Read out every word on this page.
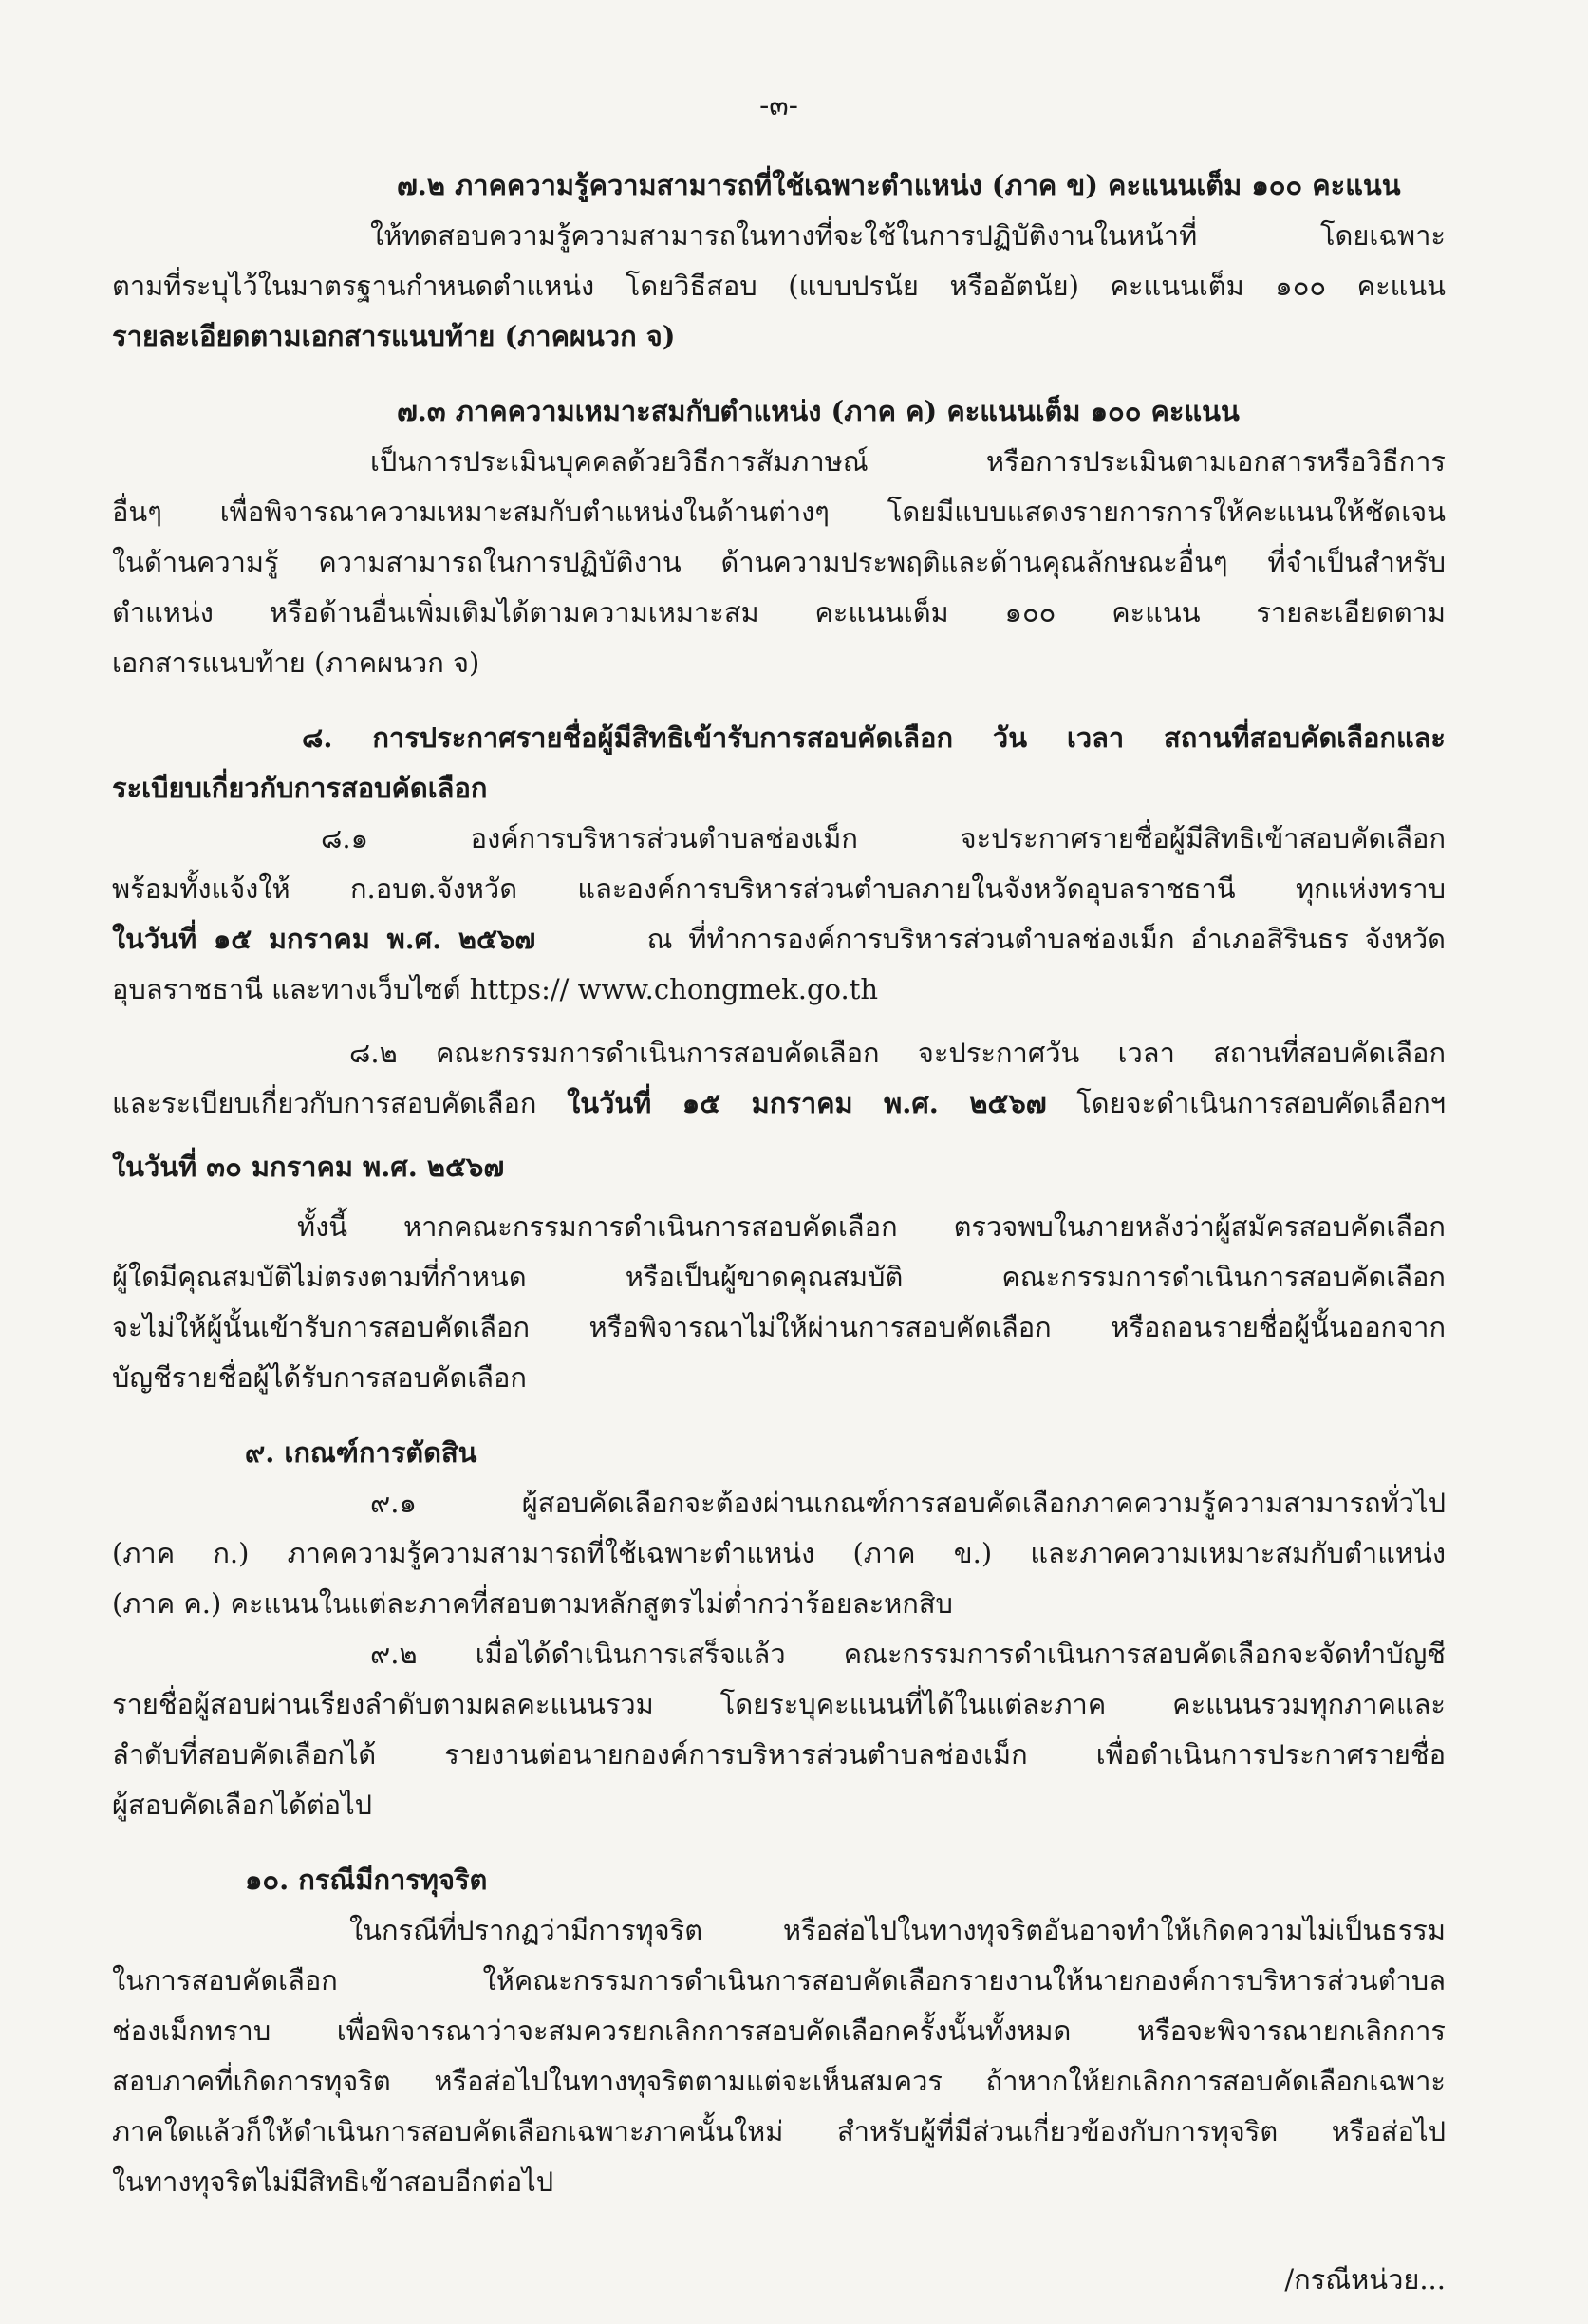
-๓-
๗.๒ ภาคความรู้ความสามารถที่ใช้เฉพาะตำแหน่ง (ภาค ข) คะแนนเต็ม ๑๐๐ คะแนน
ให้ทดสอบความรู้ความสามารถในทางที่จะใช้ในการปฏิบัติงานในหน้าที่ โดยเฉพาะ
ตามที่ระบุไว้ในมาตรฐานกำหนดตำแหน่ง โดยวิธีสอบ (แบบปรนัย หรืออัตนัย) คะแนนเต็ม ๑๐๐ คะแนน
รายละเอียดตามเอกสารแนบท้าย (ภาคผนวก จ)
๗.๓ ภาคความเหมาะสมกับตำแหน่ง (ภาค ค) คะแนนเต็ม ๑๐๐ คะแนน
เป็นการประเมินบุคคลด้วยวิธีการสัมภาษณ์ หรือการประเมินตามเอกสารหรือวิธีการ
อื่นๆ เพื่อพิจารณาความเหมาะสมกับตำแหน่งในด้านต่างๆ โดยมีแบบแสดงรายการการให้คะแนนให้ชัดเจน
ในด้านความรู้ ความสามารถในการปฏิบัติงาน ด้านความประพฤติและด้านคุณลักษณะอื่นๆ ที่จำเป็นสำหรับ
ตำแหน่ง หรือด้านอื่นเพิ่มเติมได้ตามความเหมาะสม คะแนนเต็ม ๑๐๐ คะแนน รายละเอียดตาม
เอกสารแนบท้าย (ภาคผนวก จ)
๘. การประกาศรายชื่อผู้มีสิทธิเข้ารับการสอบคัดเลือก วัน เวลา สถานที่สอบคัดเลือกและ
ระเบียบเกี่ยวกับการสอบคัดเลือก
๘.๑ องค์การบริหารส่วนตำบลช่องเม็ก จะประกาศรายชื่อผู้มีสิทธิเข้าสอบคัดเลือก
พร้อมทั้งแจ้งให้ ก.อบต.จังหวัด และองค์การบริหารส่วนตำบลภายในจังหวัดอุบลราชธานี ทุกแห่งทราบ
ในวันที่ ๑๕ มกราคม พ.ศ. ๒๕๖๗	ณ ที่ทำการองค์การบริหารส่วนตำบลช่องเม็ก อำเภอสิรินธร จังหวัด
อุบลราชธานี และทางเว็บไซต์ https:// www.chongmek.go.th
๘.๒ คณะกรรมการดำเนินการสอบคัดเลือก จะประกาศวัน เวลา สถานที่สอบคัดเลือก
และระเบียบเกี่ยวกับการสอบคัดเลือก ในวันที่ ๑๕ มกราคม พ.ศ. ๒๕๖๗ โดยจะดำเนินการสอบคัดเลือกฯ
ในวันที่ ๓๐ มกราคม พ.ศ. ๒๕๖๗
ทั้งนี้ หากคณะกรรมการดำเนินการสอบคัดเลือก ตรวจพบในภายหลังว่าผู้สมัครสอบคัดเลือก
ผู้ใดมีคุณสมบัติไม่ตรงตามที่กำหนด หรือเป็นผู้ขาดคุณสมบัติ คณะกรรมการดำเนินการสอบคัดเลือก
จะไม่ให้ผู้นั้นเข้ารับการสอบคัดเลือก หรือพิจารณาไม่ให้ผ่านการสอบคัดเลือก หรือถอนรายชื่อผู้นั้นออกจาก
บัญชีรายชื่อผู้ได้รับการสอบคัดเลือก
๙. เกณฑ์การตัดสิน
๙.๑ ผู้สอบคัดเลือกจะต้องผ่านเกณฑ์การสอบคัดเลือกภาคความรู้ความสามารถทั่วไป
(ภาค ก.) ภาคความรู้ความสามารถที่ใช้เฉพาะตำแหน่ง (ภาค ข.) และภาคความเหมาะสมกับตำแหน่ง
(ภาค ค.) คะแนนในแต่ละภาคที่สอบตามหลักสูตรไม่ต่ำกว่าร้อยละหกสิบ
๙.๒ เมื่อได้ดำเนินการเสร็จแล้ว คณะกรรมการดำเนินการสอบคัดเลือกจะจัดทำบัญชี
รายชื่อผู้สอบผ่านเรียงลำดับตามผลคะแนนรวม โดยระบุคะแนนที่ได้ในแต่ละภาค คะแนนรวมทุกภาคและ
ลำดับที่สอบคัดเลือกได้ รายงานต่อนายกองค์การบริหารส่วนตำบลช่องเม็ก เพื่อดำเนินการประกาศรายชื่อ
ผู้สอบคัดเลือกได้ต่อไป
๑๐. กรณีมีการทุจริต
ในกรณีที่ปรากฏว่ามีการทุจริต หรือส่อไปในทางทุจริตอันอาจทำให้เกิดความไม่เป็นธรรม
ในการสอบคัดเลือก ให้คณะกรรมการดำเนินการสอบคัดเลือกรายงานให้นายกองค์การบริหารส่วนตำบล
ช่องเม็กทราบ เพื่อพิจารณาว่าจะสมควรยกเลิกการสอบคัดเลือกครั้งนั้นทั้งหมด หรือจะพิจารณายกเลิกการ
สอบภาคที่เกิดการทุจริต หรือส่อไปในทางทุจริตตามแต่จะเห็นสมควร ถ้าหากให้ยกเลิกการสอบคัดเลือกเฉพาะ
ภาคใดแล้วก็ให้ดำเนินการสอบคัดเลือกเฉพาะภาคนั้นใหม่ สำหรับผู้ที่มีส่วนเกี่ยวข้องกับการทุจริต หรือส่อไป
ในทางทุจริตไม่มีสิทธิเข้าสอบอีกต่อไป
/กรณีหน่วย...
